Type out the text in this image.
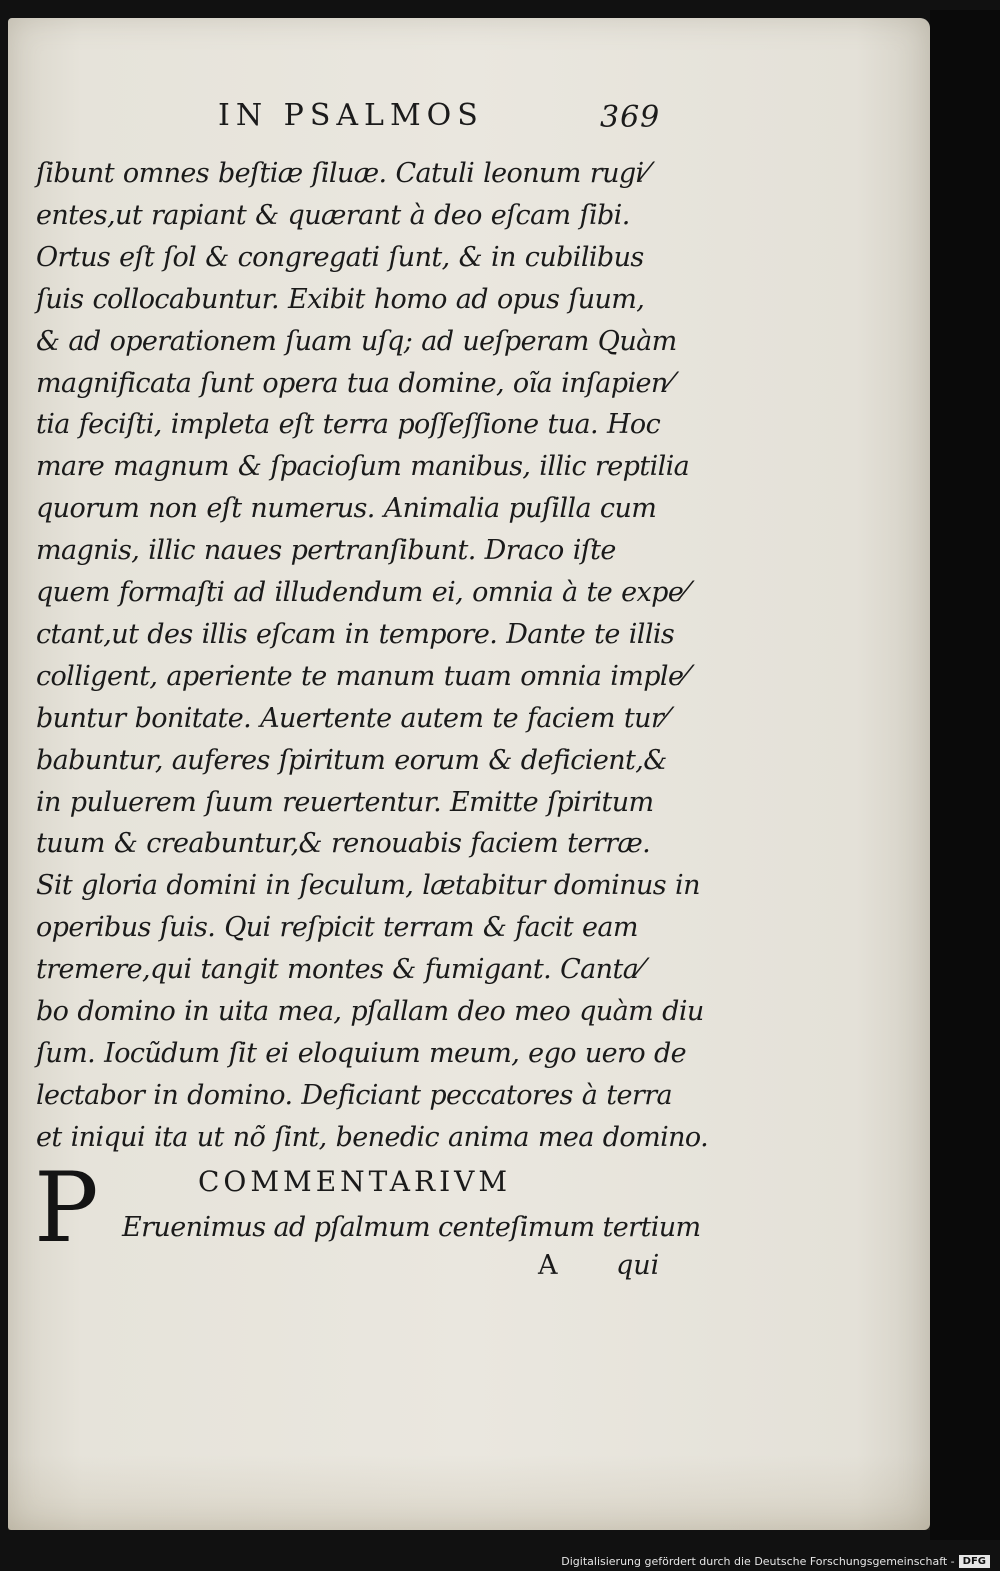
IN PSALMOS	369
ſibunt omnes beſtiæ ſiluæ. Catuli leonum rugi⁄
entes,ut rapiant & quærant à deo eſcam ſibi.
Ortus eſt ſol & congregati ſunt, & in cubilibus
ſuis collocabuntur. Exibit homo ad opus ſuum,
& ad operationem ſuam uſq; ad ueſperam Quàm
magnificata ſunt opera tua domine, oĩa inſapien⁄
tia feciſti, impleta eſt terra poſſeſſione tua. Hoc
mare magnum & ſpacioſum manibus, illic reptilia
quorum non eſt numerus. Animalia puſilla cum
magnis, illic naues pertranſibunt. Draco iſte
quem formaſti ad illudendum ei, omnia à te expe⁄
ctant,ut des illis eſcam in tempore. Dante te illis
colligent, aperiente te manum tuam omnia imple⁄
buntur bonitate. Auertente autem te faciem tur⁄
babuntur, auferes ſpiritum eorum & deficient,&
in puluerem ſuum reuertentur. Emitte ſpiritum
tuum & creabuntur,& renouabis faciem terræ.
Sit gloria domini in ſeculum, lætabitur dominus in
operibus ſuis. Qui reſpicit terram & facit eam
tremere,qui tangit montes & fumigant. Canta⁄
bo domino in uita mea, pſallam deo meo quàm diu
ſum. Iocũdum ſit ei eloquium meum, ego uero de
lectabor in domino. Deficiant peccatores à terra
et iniqui ita ut nõ ſint, benedic anima mea domino.
P	COMMENTARIVM
Eruenimus ad pſalmum centeſimum tertium
A qui
Digitalisierung gefördert durch die Deutsche Forschungsgemeinschaft - DFG
